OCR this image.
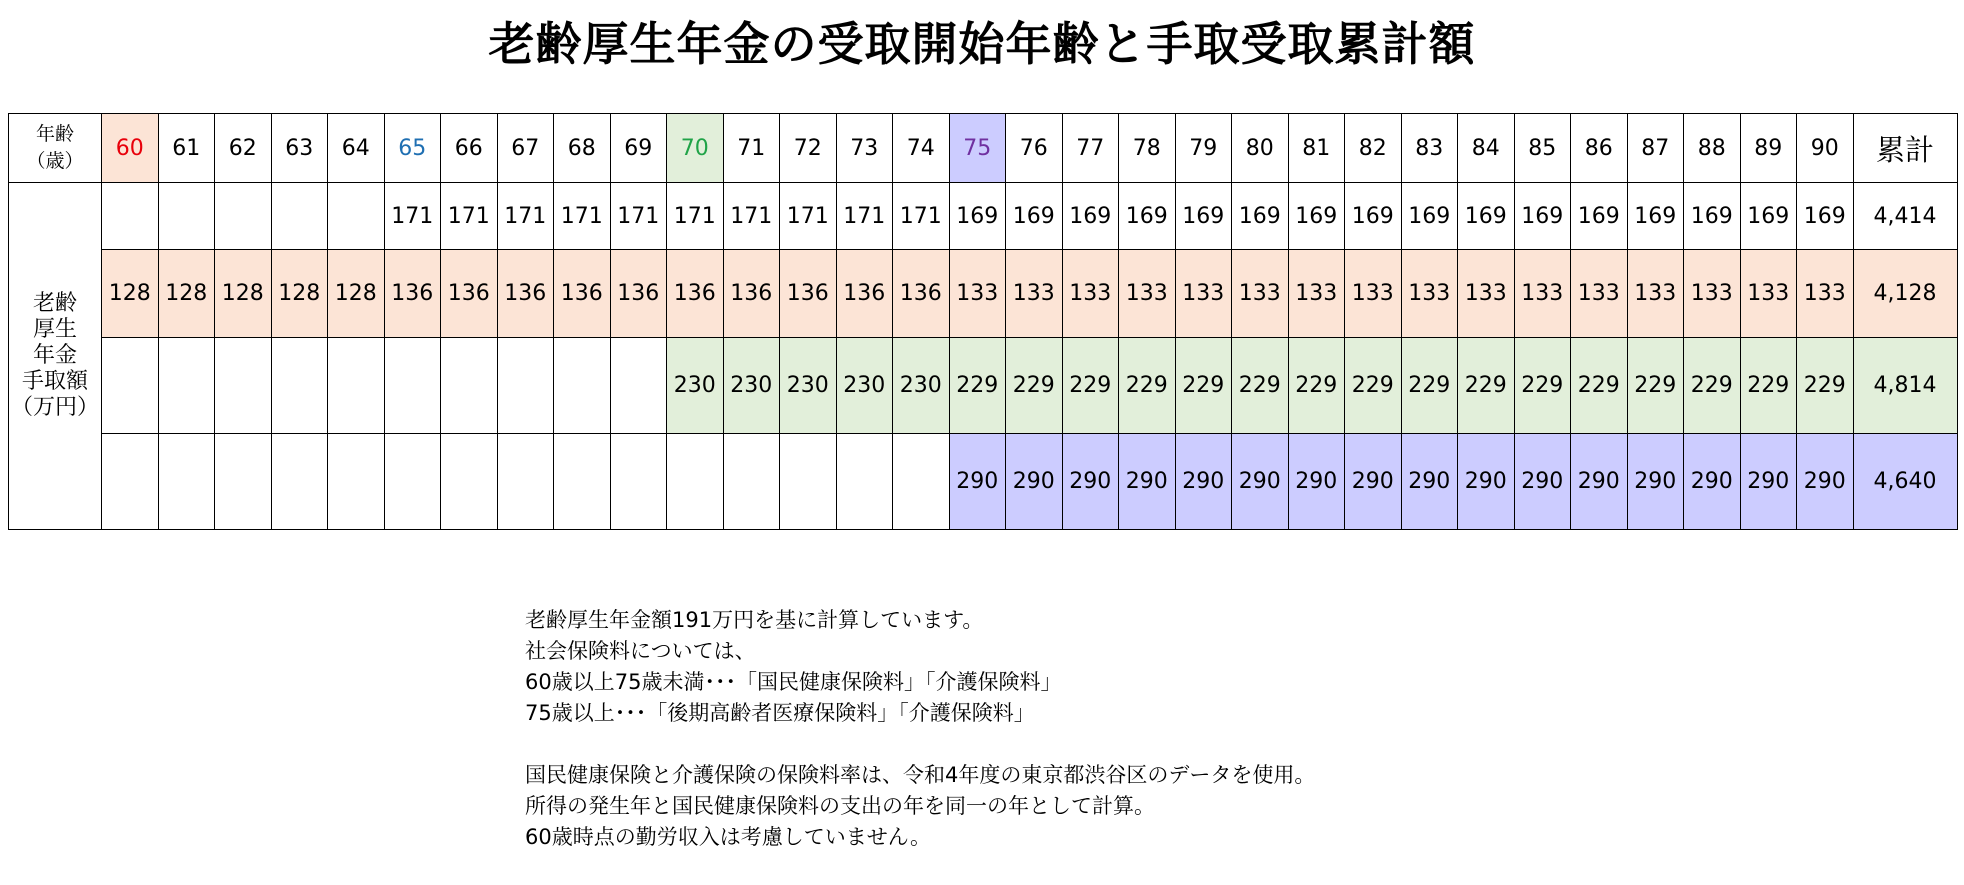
老齢厚生年金の受取開始年齢と手取受取累計額
年齢
（歳）	60	61	62	63	64	65	66	67	68	69	70	71	72	73	74	75	76	77	78	79	80	81	82	83	84	85	86	87	88	89	90	累計

老齢
厚生
年金
手取額
（万円）						171	171	171	171	171	171	171	171	171	171	169	169	169	169	169	169	169	169	169	169	169	169	169	169	169	169	4,414
	128	128	128	128	128	136	136	136	136	136	136	136	136	136	136	133	133	133	133	133	133	133	133	133	133	133	133	133	133	133	133	4,128
											230	230	230	230	230	229	229	229	229	229	229	229	229	229	229	229	229	229	229	229	229	4,814
																290	290	290	290	290	290	290	290	290	290	290	290	290	290	290	290	4,640
老齢厚生年金額191万円を基に計算しています。
社会保険料については、
60歳以上75歳未満･･･「国民健康保険料」「介護保険料」
75歳以上･･･「後期高齢者医療保険料」「介護保険料」
国民健康保険と介護保険の保険料率は、令和4年度の東京都渋谷区のデータを使用。
所得の発生年と国民健康保険料の支出の年を同一の年として計算。
60歳時点の勤労収入は考慮していません。
